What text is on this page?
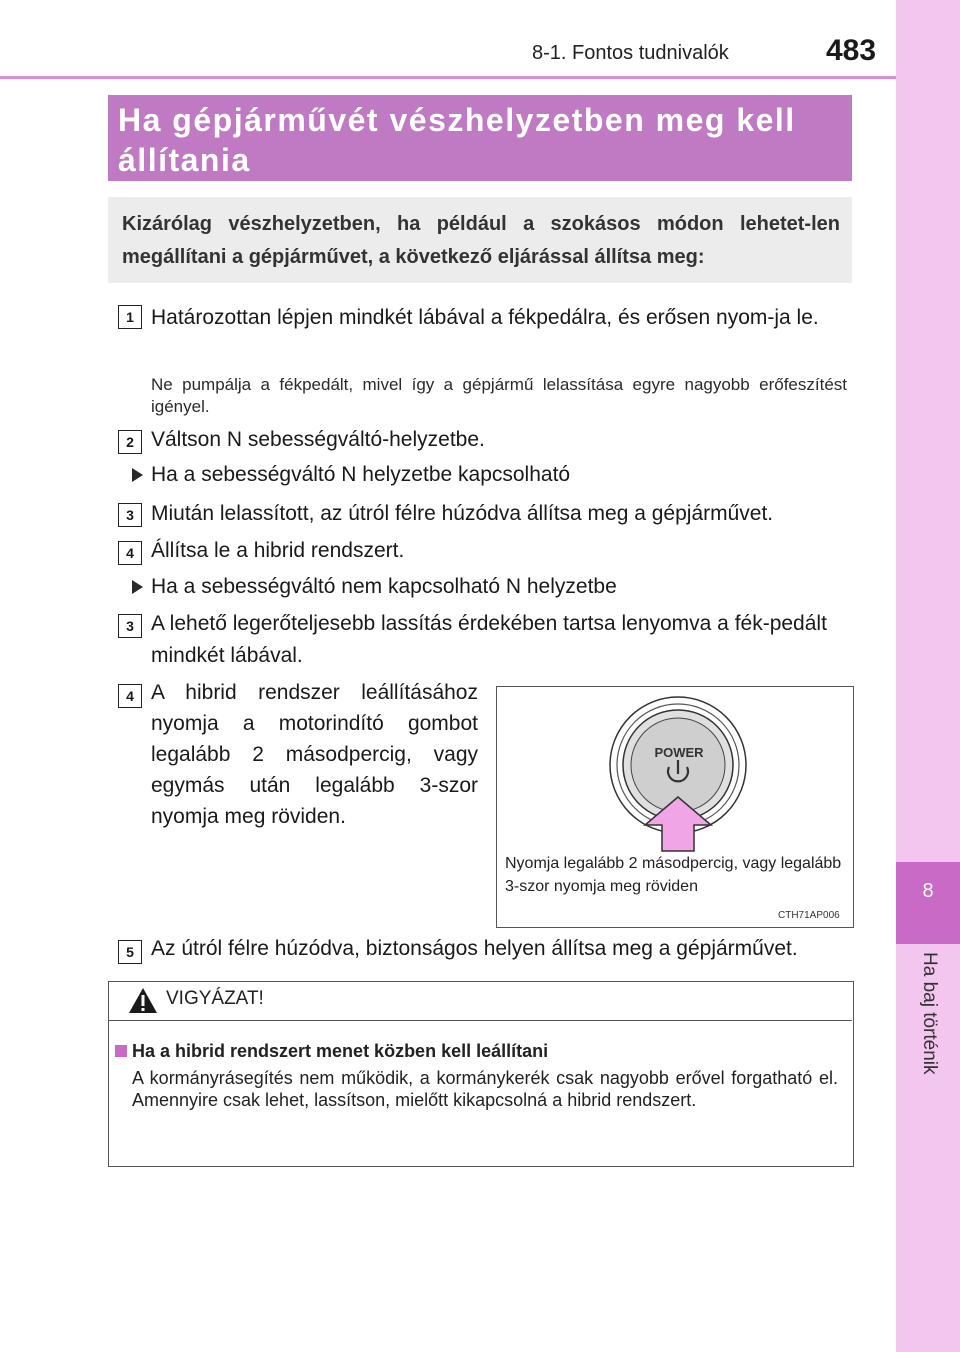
8-1. Fontos tudnivalók	483
8
Ha baj történik
Ha gépjárművét vészhelyzetben meg kell állítania
Kizárólag vészhelyzetben, ha például a szokásos módon lehetet-len megállítani a gépjárművet, a következő eljárással állítsa meg:
1 Határozottan lépjen mindkét lábával a fékpedálra, és erősen nyom-ja le.
Ne pumpálja a fékpedált, mivel így a gépjármű lelassítása egyre nagyobb erőfeszítést igényel.
2 Váltson N sebességváltó-helyzetbe.
Ha a sebességváltó N helyzetbe kapcsolható
3 Miután lelassított, az útról félre húzódva állítsa meg a gépjárművet.
4 Állítsa le a hibrid rendszert.
Ha a sebességváltó nem kapcsolható N helyzetbe
3 A lehető legerőteljesebb lassítás érdekében tartsa lenyomva a fék-pedált mindkét lábával.
4 A hibrid rendszer leállításához nyomja a motorindító gombot legalább 2 másodpercig, vagy egymás után legalább 3-szor nyomja meg röviden.
POWER
Nyomja legalább 2 másodpercig, vagy legalább 3-szor nyomja meg röviden
CTH71AP006
5 Az útról félre húzódva, biztonságos helyen állítsa meg a gépjárművet.
VIGYÁZAT!
Ha a hibrid rendszert menet közben kell leállítani
A kormányrásegítés nem működik, a kormánykerék csak nagyobb erővel forgatható el. Amennyire csak lehet, lassítson, mielőtt kikapcsolná a hibrid rendszert.
